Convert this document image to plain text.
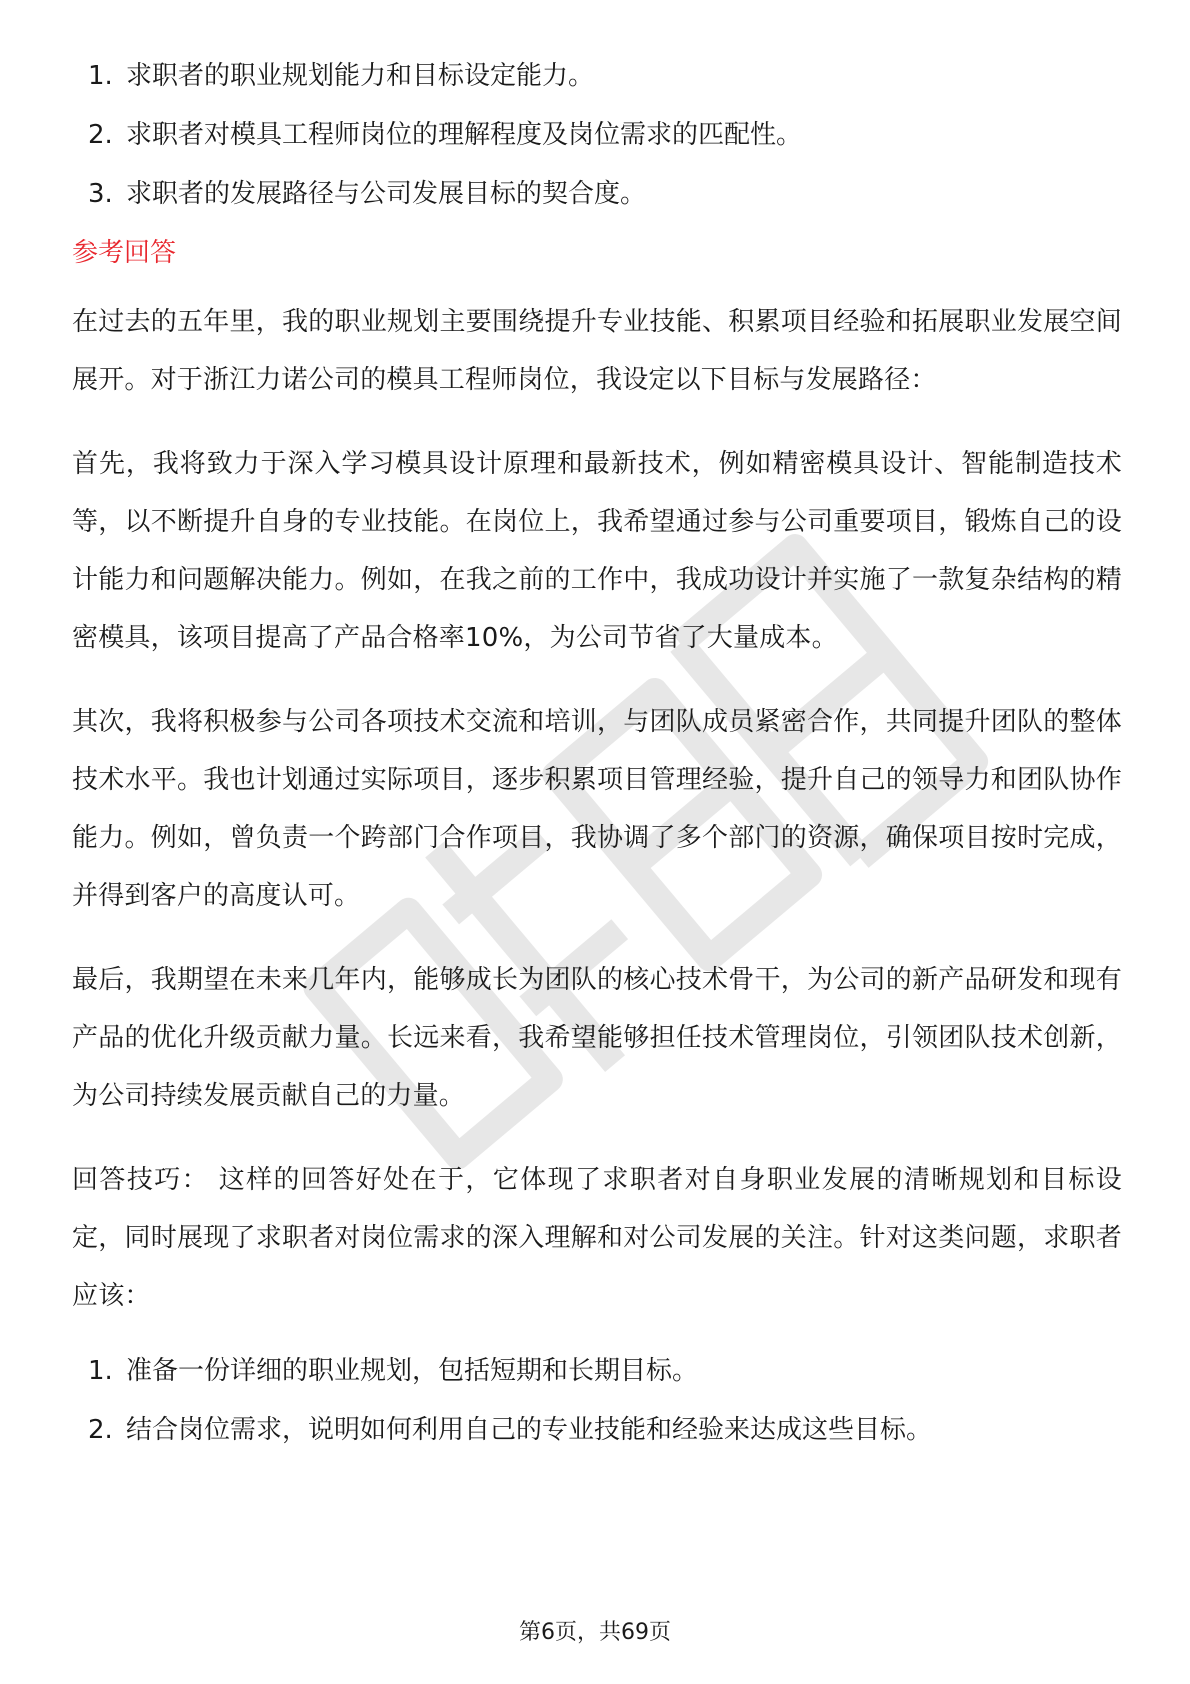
1. 求职者的职业规划能力和目标设定能力。
2. 求职者对模具工程师岗位的理解程度及岗位需求的匹配性。
3. 求职者的发展路径与公司发展目标的契合度。
参考回答

在过去的五年里，我的职业规划主要围绕提升专业技能、积累项目经验和拓展职业发展空间展开。对于浙江力诺公司的模具工程师岗位，我设定以下目标与发展路径：

首先，我将致力于深入学习模具设计原理和最新技术，例如精密模具设计、智能制造技术等，以不断提升自身的专业技能。在岗位上，我希望通过参与公司重要项目，锻炼自己的设计能力和问题解决能力。例如，在我之前的工作中，我成功设计并实施了一款复杂结构的精密模具，该项目提高了产品合格率10%，为公司节省了大量成本。

其次，我将积极参与公司各项技术交流和培训，与团队成员紧密合作，共同提升团队的整体技术水平。我也计划通过实际项目，逐步积累项目管理经验，提升自己的领导力和团队协作能力。例如，曾负责一个跨部门合作项目，我协调了多个部门的资源，确保项目按时完成，并得到客户的高度认可。

最后，我期望在未来几年内，能够成长为团队的核心技术骨干，为公司的新产品研发和现有产品的优化升级贡献力量。长远来看，我希望能够担任技术管理岗位，引领团队技术创新，为公司持续发展贡献自己的力量。

回答技巧： 这样的回答好处在于，它体现了求职者对自身职业发展的清晰规划和目标设定，同时展现了求职者对岗位需求的深入理解和对公司发展的关注。针对这类问题，求职者应该：

1. 准备一份详细的职业规划，包括短期和长期目标。
2. 结合岗位需求，说明如何利用自己的专业技能和经验来达成这些目标。
第6页，共69页
